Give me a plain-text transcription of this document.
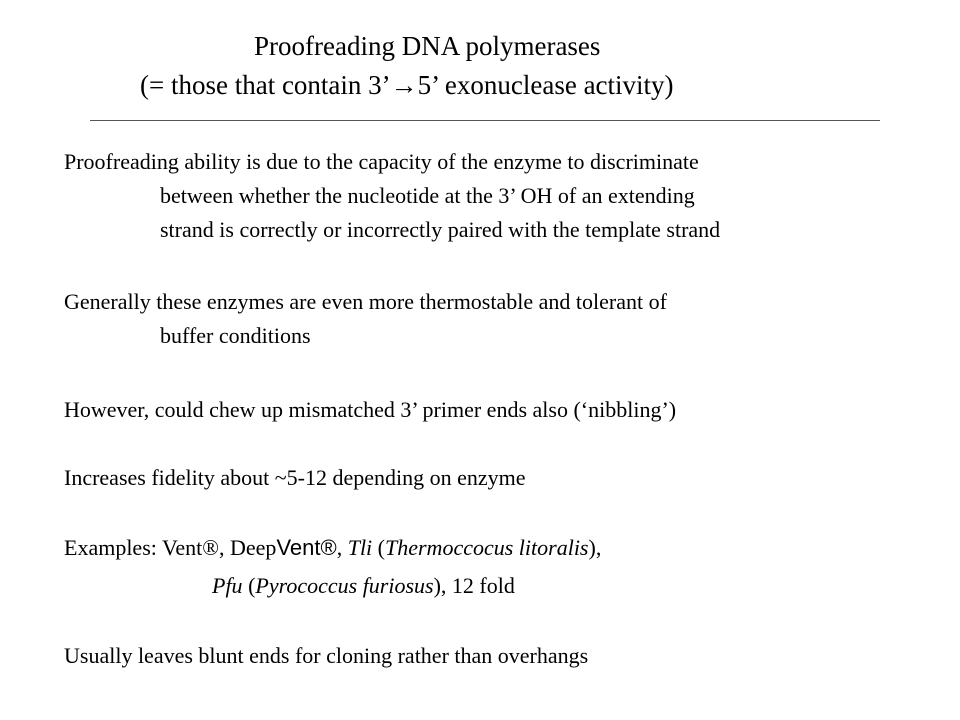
Proofreading DNA polymerases
(= those that contain 3’→5’ exonuclease activity)
Proofreading ability is due to the capacity of the enzyme to discriminate
between whether the nucleotide at the 3’ OH of an extending
strand is correctly or incorrectly paired with the template strand
Generally these enzymes are even more thermostable and tolerant of
buffer conditions
However, could chew up mismatched 3’ primer ends also (‘nibbling’)
Increases fidelity about ~5-12 depending on enzyme
Examples: Vent®, DeepVent®, Tli (Thermoccocus litoralis),
Pfu (Pyrococcus furiosus), 12 fold
Usually leaves blunt ends for cloning rather than overhangs
